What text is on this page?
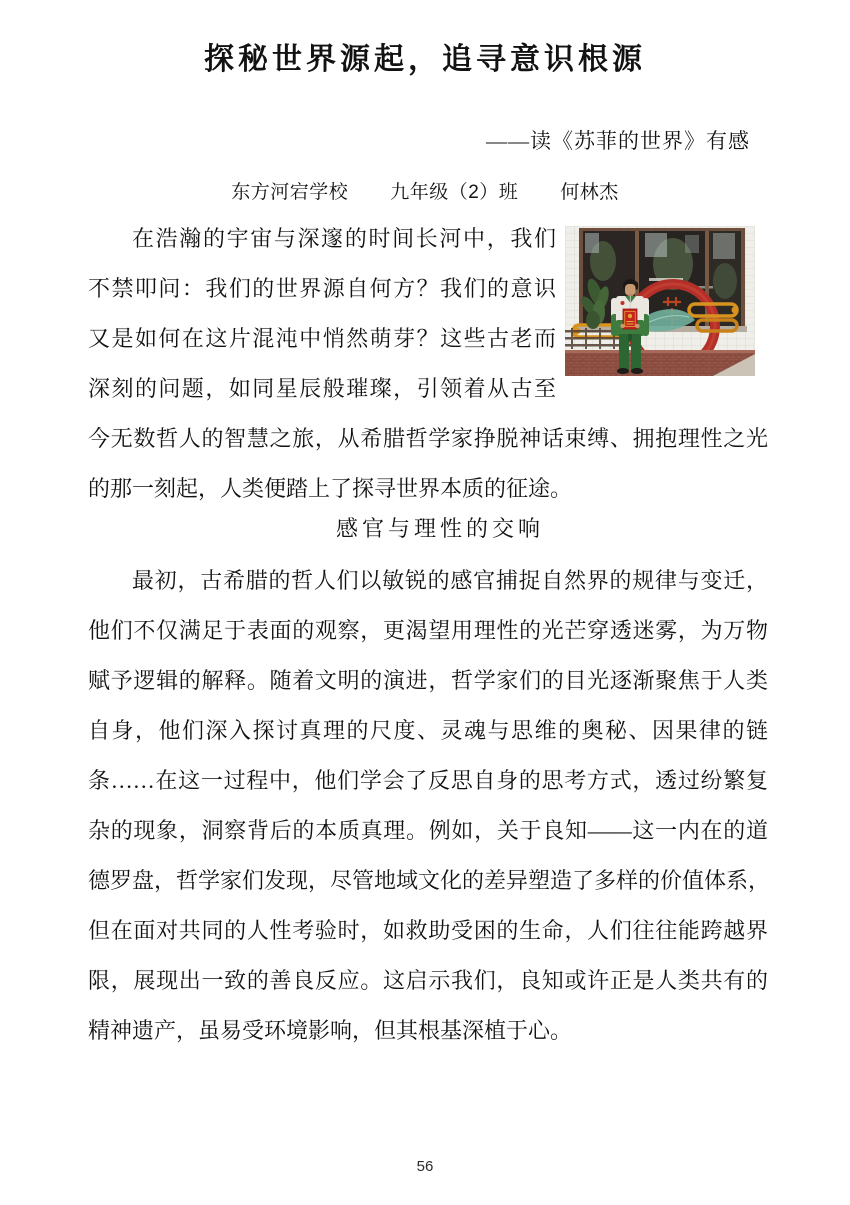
探秘世界源起，追寻意识根源
——读《苏菲的世界》有感
东方河宕学校 九年级（2）班 何林杰
在浩瀚的宇宙与深邃的时间长河中，我们
不禁叩问：我们的世界源自何方？我们的意识
又是如何在这片混沌中悄然萌芽？这些古老而
深刻的问题，如同星辰般璀璨，引领着从古至
今无数哲人的智慧之旅，从希腊哲学家挣脱神话束缚、拥抱理性之光
的那一刻起，人类便踏上了探寻世界本质的征途。
感官与理性的交响
最初，古希腊的哲人们以敏锐的感官捕捉自然界的规律与变迁，
他们不仅满足于表面的观察，更渴望用理性的光芒穿透迷雾，为万物
赋予逻辑的解释。随着文明的演进，哲学家们的目光逐渐聚焦于人类
自身，他们深入探讨真理的尺度、灵魂与思维的奥秘、因果律的链
条……在这一过程中，他们学会了反思自身的思考方式，透过纷繁复
杂的现象，洞察背后的本质真理。例如，关于良知——这一内在的道
德罗盘，哲学家们发现，尽管地域文化的差异塑造了多样的价值体系，
但在面对共同的人性考验时，如救助受困的生命，人们往往能跨越界
限，展现出一致的善良反应。这启示我们，良知或许正是人类共有的
精神遗产，虽易受环境影响，但其根基深植于心。
56
